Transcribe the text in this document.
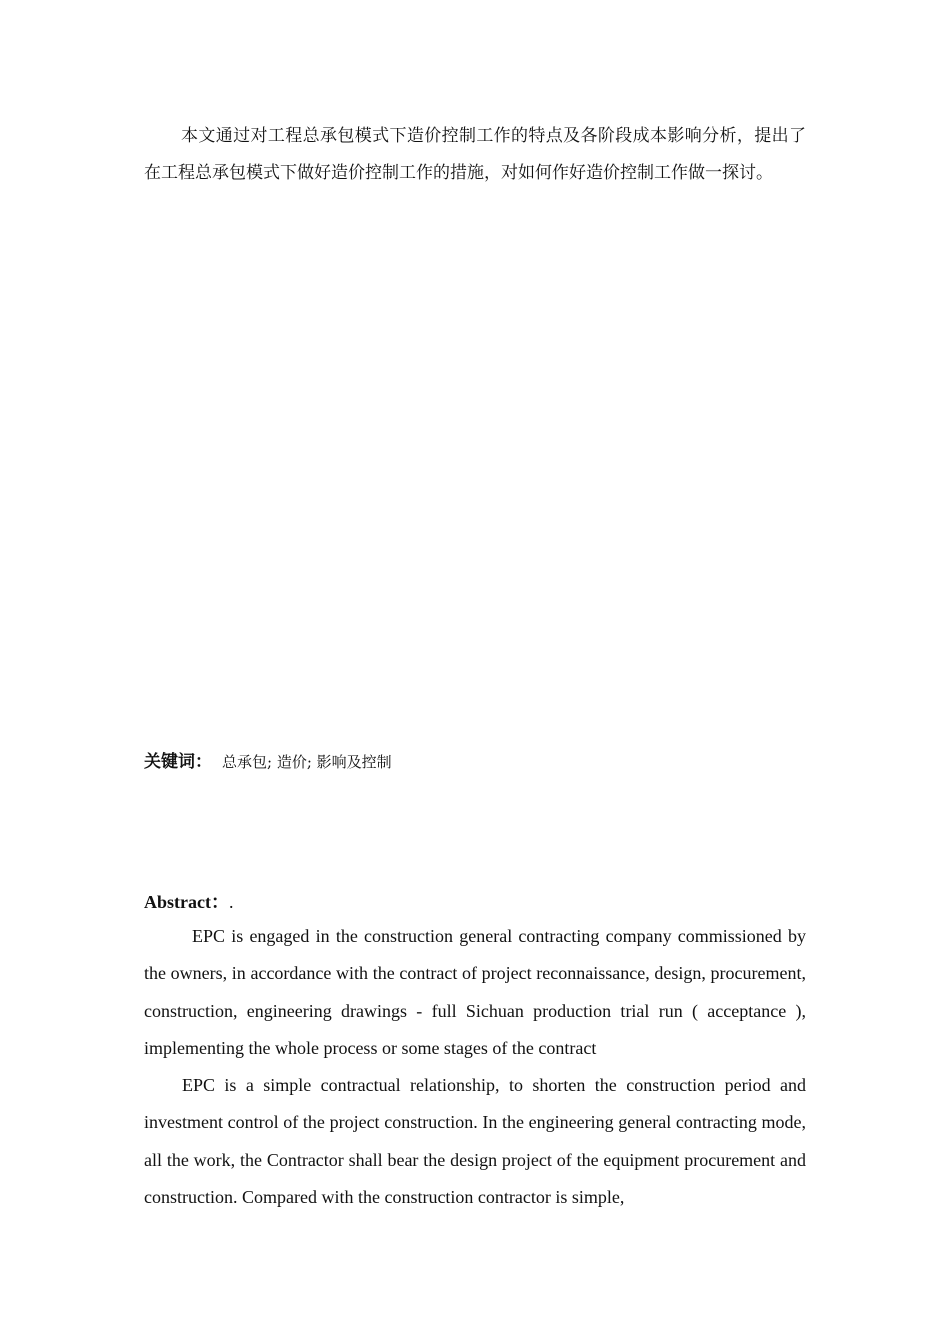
本文通过对工程总承包模式下造价控制工作的特点及各阶段成本影响分析，提出了在工程总承包模式下做好造价控制工作的措施，对如何作好造价控制工作做一探讨。

关键词： 总承包; 造价; 影响及控制

Abstract：.

EPC is engaged in the construction general contracting company commissioned by the owners, in accordance with the contract of project reconnaissance, design, procurement, construction, engineering drawings - full Sichuan production trial run ( acceptance ), implementing the whole process or some stages of the contract

EPC is a simple contractual relationship, to shorten the construction period and investment control of the project construction. In the engineering general contracting mode, all the work, the Contractor shall bear the design project of the equipment procurement and construction. Compared with the construction contractor is simple,
